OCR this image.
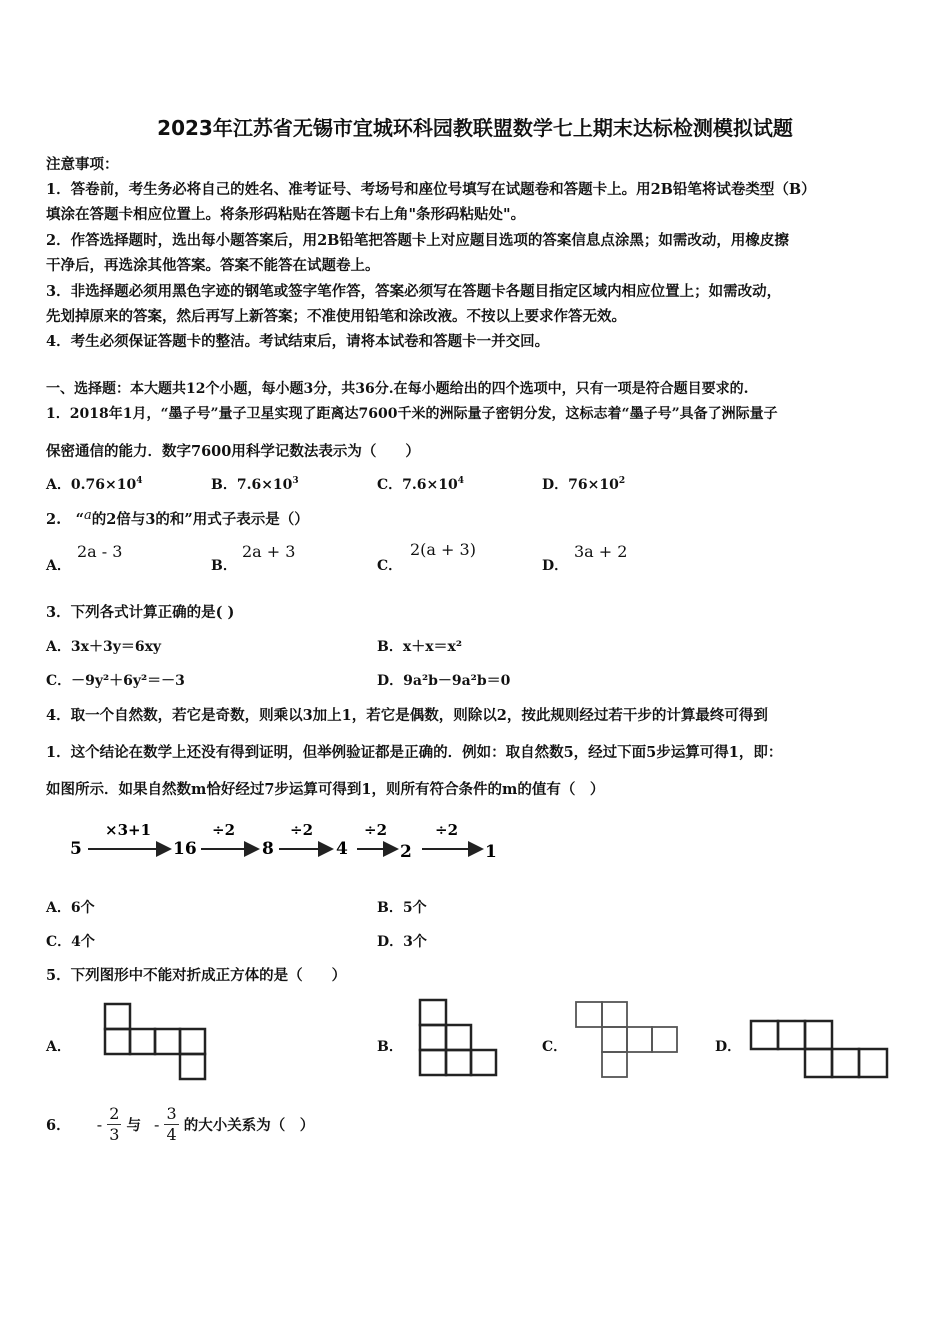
2023年江苏省无锡市宜城环科园教联盟数学七上期末达标检测模拟试题
注意事项：
1．答卷前，考生务必将自己的姓名、准考证号、考场号和座位号填写在试题卷和答题卡上。用2B铅笔将试卷类型（B）
填涂在答题卡相应位置上。将条形码粘贴在答题卡右上角"条形码粘贴处"。
2．作答选择题时，选出每小题答案后，用2B铅笔把答题卡上对应题目选项的答案信息点涂黑；如需改动，用橡皮擦
干净后，再选涂其他答案。答案不能答在试题卷上。
3．非选择题必须用黑色字迹的钢笔或签字笔作答，答案必须写在答题卡各题目指定区域内相应位置上；如需改动，
先划掉原来的答案，然后再写上新答案；不准使用铅笔和涂改液。不按以上要求作答无效。
4．考生必须保证答题卡的整洁。考试结束后，请将本试卷和答题卡一并交回。
一、选择题：本大题共12个小题，每小题3分，共36分.在每小题给出的四个选项中，只有一项是符合题目要求的.
1．2018年1月，“墨子号”量子卫星实现了距离达7600千米的洲际量子密钥分发，这标志着“墨子号”具备了洲际量子
保密通信的能力．数字7600用科学记数法表示为（　　）
A．$0.76\times 10^4$	B．$7.6\times 10^3$	C．$7.6\times 10^4$	D．$76\times 10^2$
2.　“a的2倍与3的和”用式子表示是（）
A．
2a - 3
B．
2a + 3
C．
2(a + 3)
D．
3a + 2
3．下列各式计算正确的是( )
A．3x＋3y＝6xy	B．x＋x＝x²
C．－9y²＋6y²＝－3	D．9a²b－9a²b＝0
4．取一个自然数，若它是奇数，则乘以3加上1，若它是偶数，则除以2，按此规则经过若干步的计算最终可得到
1．这个结论在数学上还没有得到证明，但举例验证都是正确的．例如：取自然数5，经过下面5步运算可得1，即：
如图所示．如果自然数m恰好经过7步运算可得到1，则所有符合条件的m的值有（　）
5
×3+1
16
÷2
8
÷2
4
÷2
2
÷2
1
A．6个	B．5个
C．4个	D．3个
5．下列图形中不能对折成正方体的是（　　）
A．	B．	C．	D．
6． - $\frac{2}{3}$ 与 - $\frac{3}{4}$ 的大小关系为（　）
